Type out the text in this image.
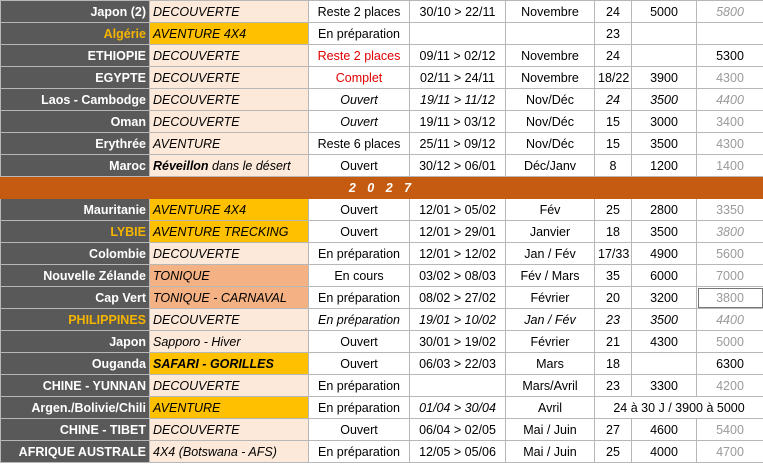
Japon (2)	DECOUVERTE	Reste 2 places	30/10 > 22/11	Novembre	24	5000	5800
Algérie	AVENTURE 4X4	En préparation			23		
ETHIOPIE	DECOUVERTE	Reste 2 places	09/11 > 02/12	Novembre	24		5300
EGYPTE	DECOUVERTE	Complet	02/11 > 24/11	Novembre	18/22	3900	4300
Laos - Cambodge	DECOUVERTE	Ouvert	19/11 > 11/12	Nov/Déc	24	3500	4400
Oman	DECOUVERTE	Ouvert	19/11 > 03/12	Nov/Déc	15	3000	3400
Erythrée	AVENTURE	Reste 6 places	25/11 > 09/12	Nov/Déc	15	3500	4300
Maroc	Réveillon dans le désert	Ouvert	30/12 > 06/01	Déc/Janv	8	1200	1400
2 0 2 7							
Mauritanie	AVENTURE 4X4	Ouvert	12/01 > 05/02	Fév	25	2800	3350
LYBIE	AVENTURE TRECKING	Ouvert	12/01 > 29/01	Janvier	18	3500	3800
Colombie	DECOUVERTE	En préparation	12/01 > 12/02	Jan / Fév	17/33	4900	5600
Nouvelle Zélande	TONIQUE	En cours	03/02 > 08/03	Fév / Mars	35	6000	7000
Cap Vert	TONIQUE - CARNAVAL	En préparation	08/02 > 27/02	Février	20	3200	3800
PHILIPPINES	DECOUVERTE	En préparation	19/01 > 10/02	Jan / Fév	23	3500	4400
Japon	Sapporo - Hiver	Ouvert	30/01 > 19/02	Février	21	4300	5000
Ouganda	SAFARI - GORILLES	Ouvert	06/03 > 22/03	Mars	18		6300
CHINE - YUNNAN	DECOUVERTE	En préparation		Mars/Avril	23	3300	4200
Argen./Bolivie/Chili	AVENTURE	En préparation	01/04 > 30/04	Avril	24 à 30 J / 3900 à 5000		
CHINE - TIBET	DECOUVERTE	Ouvert	06/04 > 02/05	Mai / Juin	27	4600	5400
AFRIQUE AUSTRALE	4X4 (Botswana - AFS)	En préparation	12/05 > 05/06	Mai / Juin	25	4000	4700
